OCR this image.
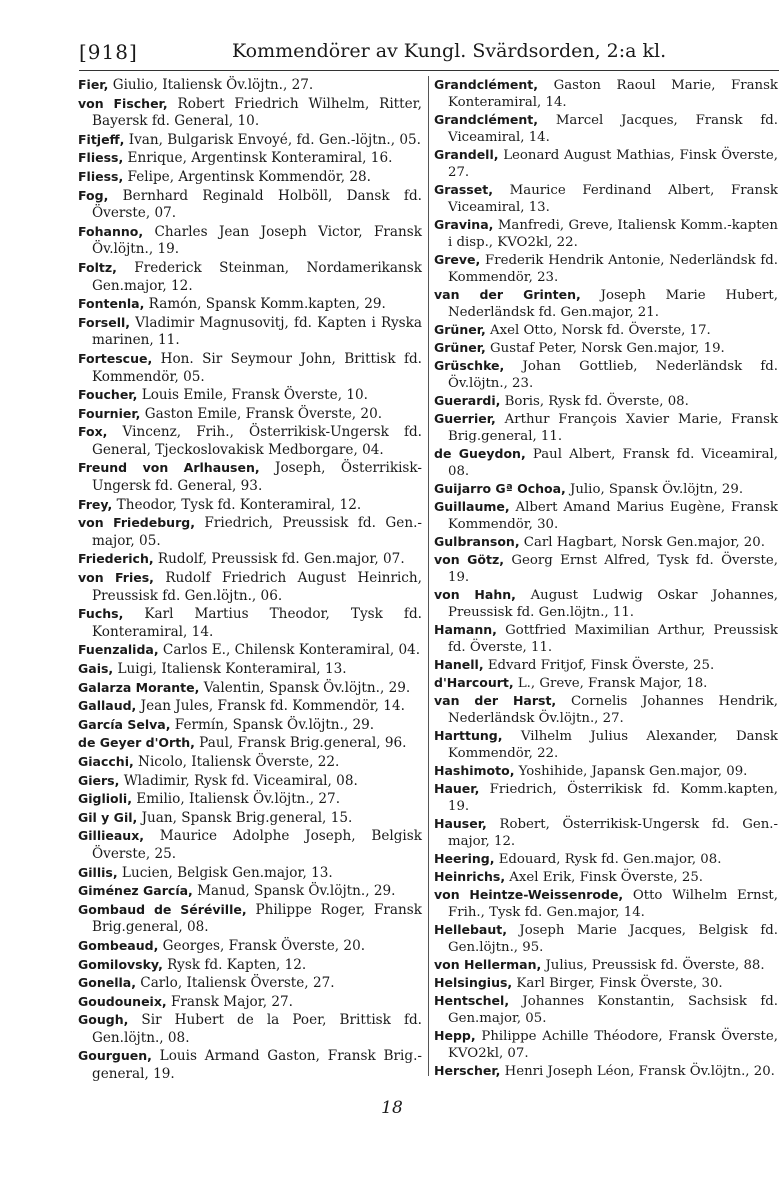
[918]	Kommendörer av Kungl. Svärdsorden, 2:a kl.
Fier, Giulio, Italiensk Öv.löjtn., 27.
von Fischer, Robert Friedrich Wilhelm, Ritter, Bayersk fd. General, 10.
Fitjeff, Ivan, Bulgarisk Envoyé, fd. Gen.-löjtn., 05.
Fliess, Enrique, Argentinsk Konteramiral, 16.
Fliess, Felipe, Argentinsk Kommendör, 28.
Fog, Bernhard Reginald Holböll, Dansk fd. Överste, 07.
Fohanno, Charles Jean Joseph Victor, Fransk Öv.löjtn., 19.
Foltz, Frederick Steinman, Nordamerikansk Gen.major, 12.
Fontenla, Ramón, Spansk Komm.kapten, 29.
Forsell, Vladimir Magnusovitj, fd. Kapten i Ryska marinen, 11.
Fortescue, Hon. Sir Seymour John, Brittisk fd. Kommendör, 05.
Foucher, Louis Emile, Fransk Överste, 10.
Fournier, Gaston Emile, Fransk Överste, 20.
Fox, Vincenz, Frih., Österrikisk-Ungersk fd. General, Tjeckoslovakisk Medborgare, 04.
Freund von Arlhausen, Joseph, Österrikisk-Ungersk fd. General, 93.
Frey, Theodor, Tysk fd. Konteramiral, 12.
von Friedeburg, Friedrich, Preussisk fd. Gen.-major, 05.
Friederich, Rudolf, Preussisk fd. Gen.major, 07.
von Fries, Rudolf Friedrich August Heinrich, Preussisk fd. Gen.löjtn., 06.
Fuchs, Karl Martius Theodor, Tysk fd. Konteramiral, 14.
Fuenzalida, Carlos E., Chilensk Konteramiral, 04.
Gais, Luigi, Italiensk Konteramiral, 13.
Galarza Morante, Valentin, Spansk Öv.löjtn., 29.
Gallaud, Jean Jules, Fransk fd. Kommendör, 14.
García Selva, Fermín, Spansk Öv.löjtn., 29.
de Geyer d'Orth, Paul, Fransk Brig.general, 96.
Giacchi, Nicolo, Italiensk Överste, 22.
Giers, Wladimir, Rysk fd. Viceamiral, 08.
Giglioli, Emilio, Italiensk Öv.löjtn., 27.
Gil y Gil, Juan, Spansk Brig.general, 15.
Gillieaux, Maurice Adolphe Joseph, Belgisk Överste, 25.
Gillis, Lucien, Belgisk Gen.major, 13.
Giménez García, Manud, Spansk Öv.löjtn., 29.
Gombaud de Séréville, Philippe Roger, Fransk Brig.general, 08.
Gombeaud, Georges, Fransk Överste, 20.
Gomilovsky, Rysk fd. Kapten, 12.
Gonella, Carlo, Italiensk Överste, 27.
Goudouneix, Fransk Major, 27.
Gough, Sir Hubert de la Poer, Brittisk fd. Gen.löjtn., 08.
Gourguen, Louis Armand Gaston, Fransk Brig.-general, 19.
Grandclément, Gaston Raoul Marie, Fransk Konteramiral, 14.
Grandclément, Marcel Jacques, Fransk fd. Viceamiral, 14.
Grandell, Leonard August Mathias, Finsk Överste, 27.
Grasset, Maurice Ferdinand Albert, Fransk Viceamiral, 13.
Gravina, Manfredi, Greve, Italiensk Komm.-kapten i disp., KVO2kl, 22.
Greve, Frederik Hendrik Antonie, Nederländsk fd. Kommendör, 23.
van der Grinten, Joseph Marie Hubert, Nederländsk fd. Gen.major, 21.
Grüner, Axel Otto, Norsk fd. Överste, 17.
Grüner, Gustaf Peter, Norsk Gen.major, 19.
Grüschke, Johan Gottlieb, Nederländsk fd. Öv.löjtn., 23.
Guerardi, Boris, Rysk fd. Överste, 08.
Guerrier, Arthur François Xavier Marie, Fransk Brig.general, 11.
de Gueydon, Paul Albert, Fransk fd. Viceamiral, 08.
Guijarro Gª Ochoa, Julio, Spansk Öv.löjtn, 29.
Guillaume, Albert Amand Marius Eugène, Fransk Kommendör, 30.
Gulbranson, Carl Hagbart, Norsk Gen.major, 20.
von Götz, Georg Ernst Alfred, Tysk fd. Överste, 19.
von Hahn, August Ludwig Oskar Johannes, Preussisk fd. Gen.löjtn., 11.
Hamann, Gottfried Maximilian Arthur, Preussisk fd. Överste, 11.
Hanell, Edvard Fritjof, Finsk Överste, 25.
d'Harcourt, L., Greve, Fransk Major, 18.
van der Harst, Cornelis Johannes Hendrik, Nederländsk Öv.löjtn., 27.
Harttung, Vilhelm Julius Alexander, Dansk Kommendör, 22.
Hashimoto, Yoshihide, Japansk Gen.major, 09.
Hauer, Friedrich, Österrikisk fd. Komm.kapten, 19.
Hauser, Robert, Österrikisk-Ungersk fd. Gen.-major, 12.
Heering, Edouard, Rysk fd. Gen.major, 08.
Heinrichs, Axel Erik, Finsk Överste, 25.
von Heintze-Weissenrode, Otto Wilhelm Ernst, Frih., Tysk fd. Gen.major, 14.
Hellebaut, Joseph Marie Jacques, Belgisk fd. Gen.löjtn., 95.
von Hellerman, Julius, Preussisk fd. Överste, 88.
Helsingius, Karl Birger, Finsk Överste, 30.
Hentschel, Johannes Konstantin, Sachsisk fd. Gen.major, 05.
Hepp, Philippe Achille Théodore, Fransk Överste, KVO2kl, 07.
Herscher, Henri Joseph Léon, Fransk Öv.löjtn., 20.
18
